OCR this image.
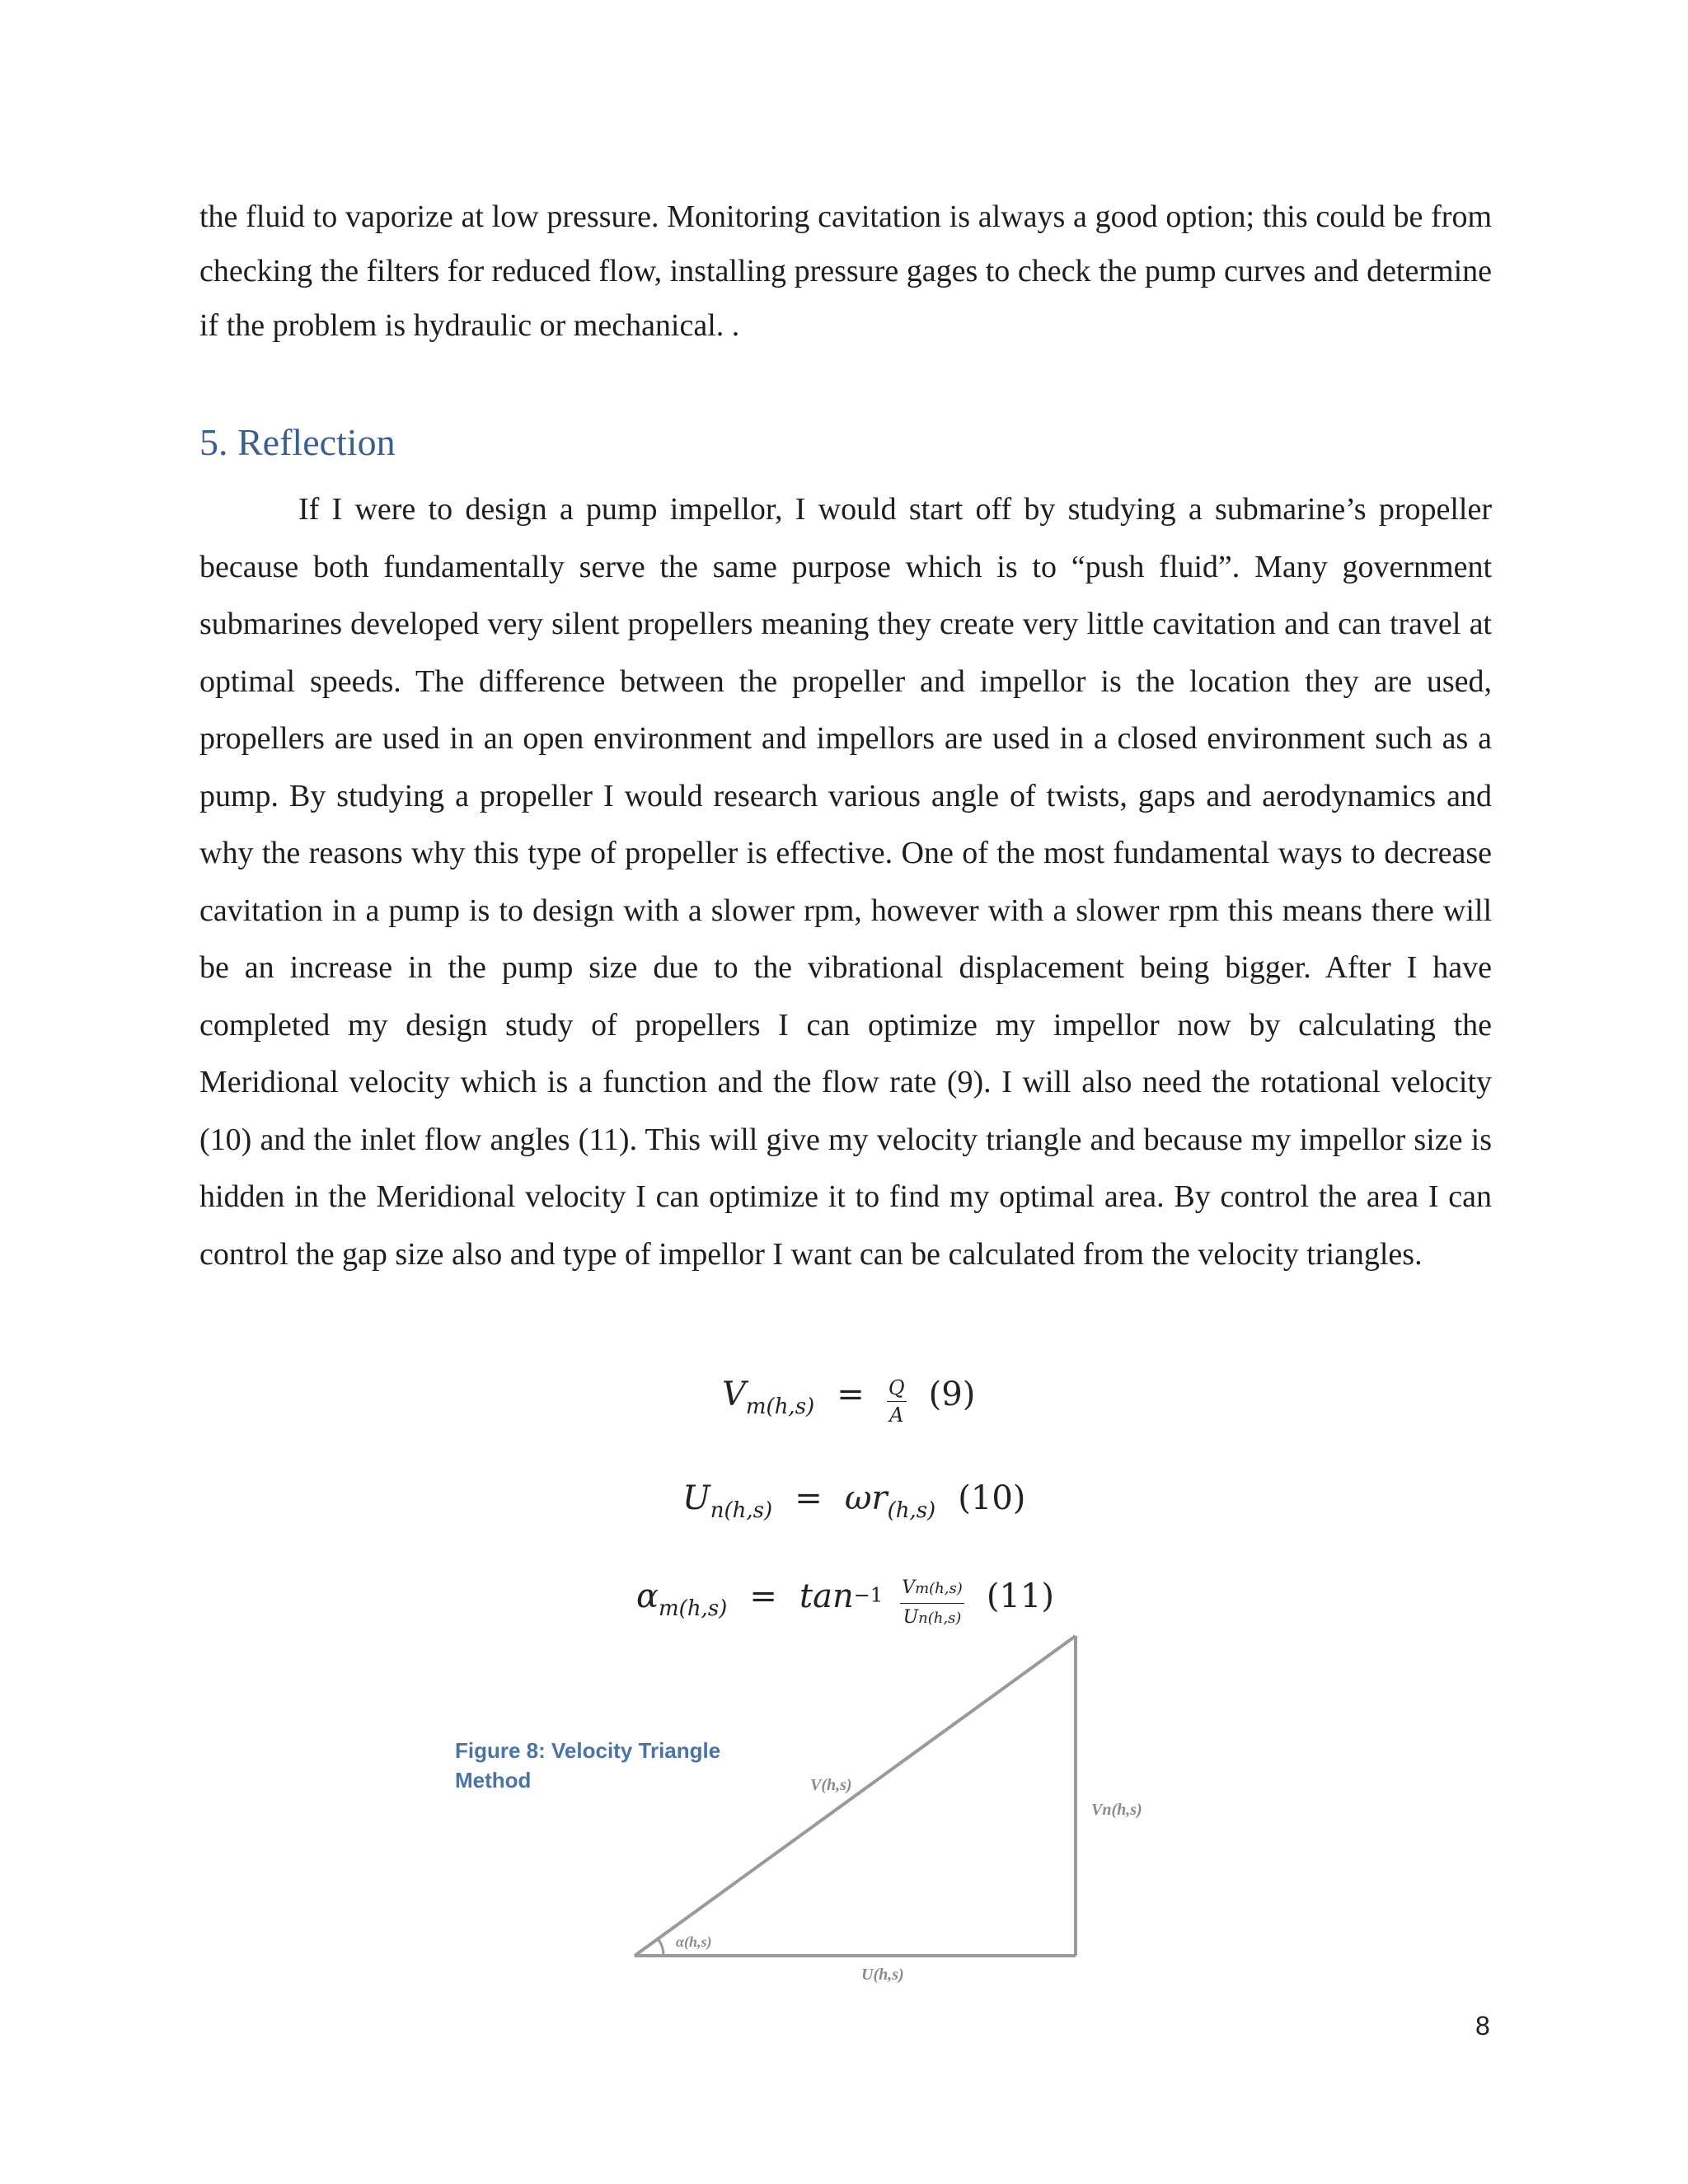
the fluid to vaporize at low pressure. Monitoring cavitation is always a good option; this could be from checking the filters for reduced flow, installing pressure gages to check the pump curves and determine if the problem is hydraulic or mechanical. .

5. Reflection

If I were to design a pump impellor, I would start off by studying a submarine’s propeller because both fundamentally serve the same purpose which is to “push fluid”. Many government submarines developed very silent propellers meaning they create very little cavitation and can travel at optimal speeds. The difference between the propeller and impellor is the location they are used, propellers are used in an open environment and impellors are used in a closed environment such as a pump. By studying a propeller I would research various angle of twists, gaps and aerodynamics and why the reasons why this type of propeller is effective. One of the most fundamental ways to decrease cavitation in a pump is to design with a slower rpm, however with a slower rpm this means there will be an increase in the pump size due to the vibrational displacement being bigger. After I have completed my design study of propellers I can optimize my impellor now by calculating the Meridional velocity which is a function and the flow rate (9). I will also need the rotational velocity (10) and the inlet flow angles (11). This will give my velocity triangle and because my impellor size is hidden in the Meridional velocity I can optimize it to find my optimal area. By control the area I can control the gap size also and type of impellor I want can be calculated from the velocity triangles.

$Vm(h,s) = \frac{Q}{A} (9)$
Un(h,s) = ωr(h,s) (10)
$\alpha m(h,s) = \tan^{-1} \frac{Vm(h,s)}{Un(h,s)} (11)$
Figure 8: Velocity Triangle Method	V(h,s)
Vn(h,s)
U(h,s)
α(h,s)
8
